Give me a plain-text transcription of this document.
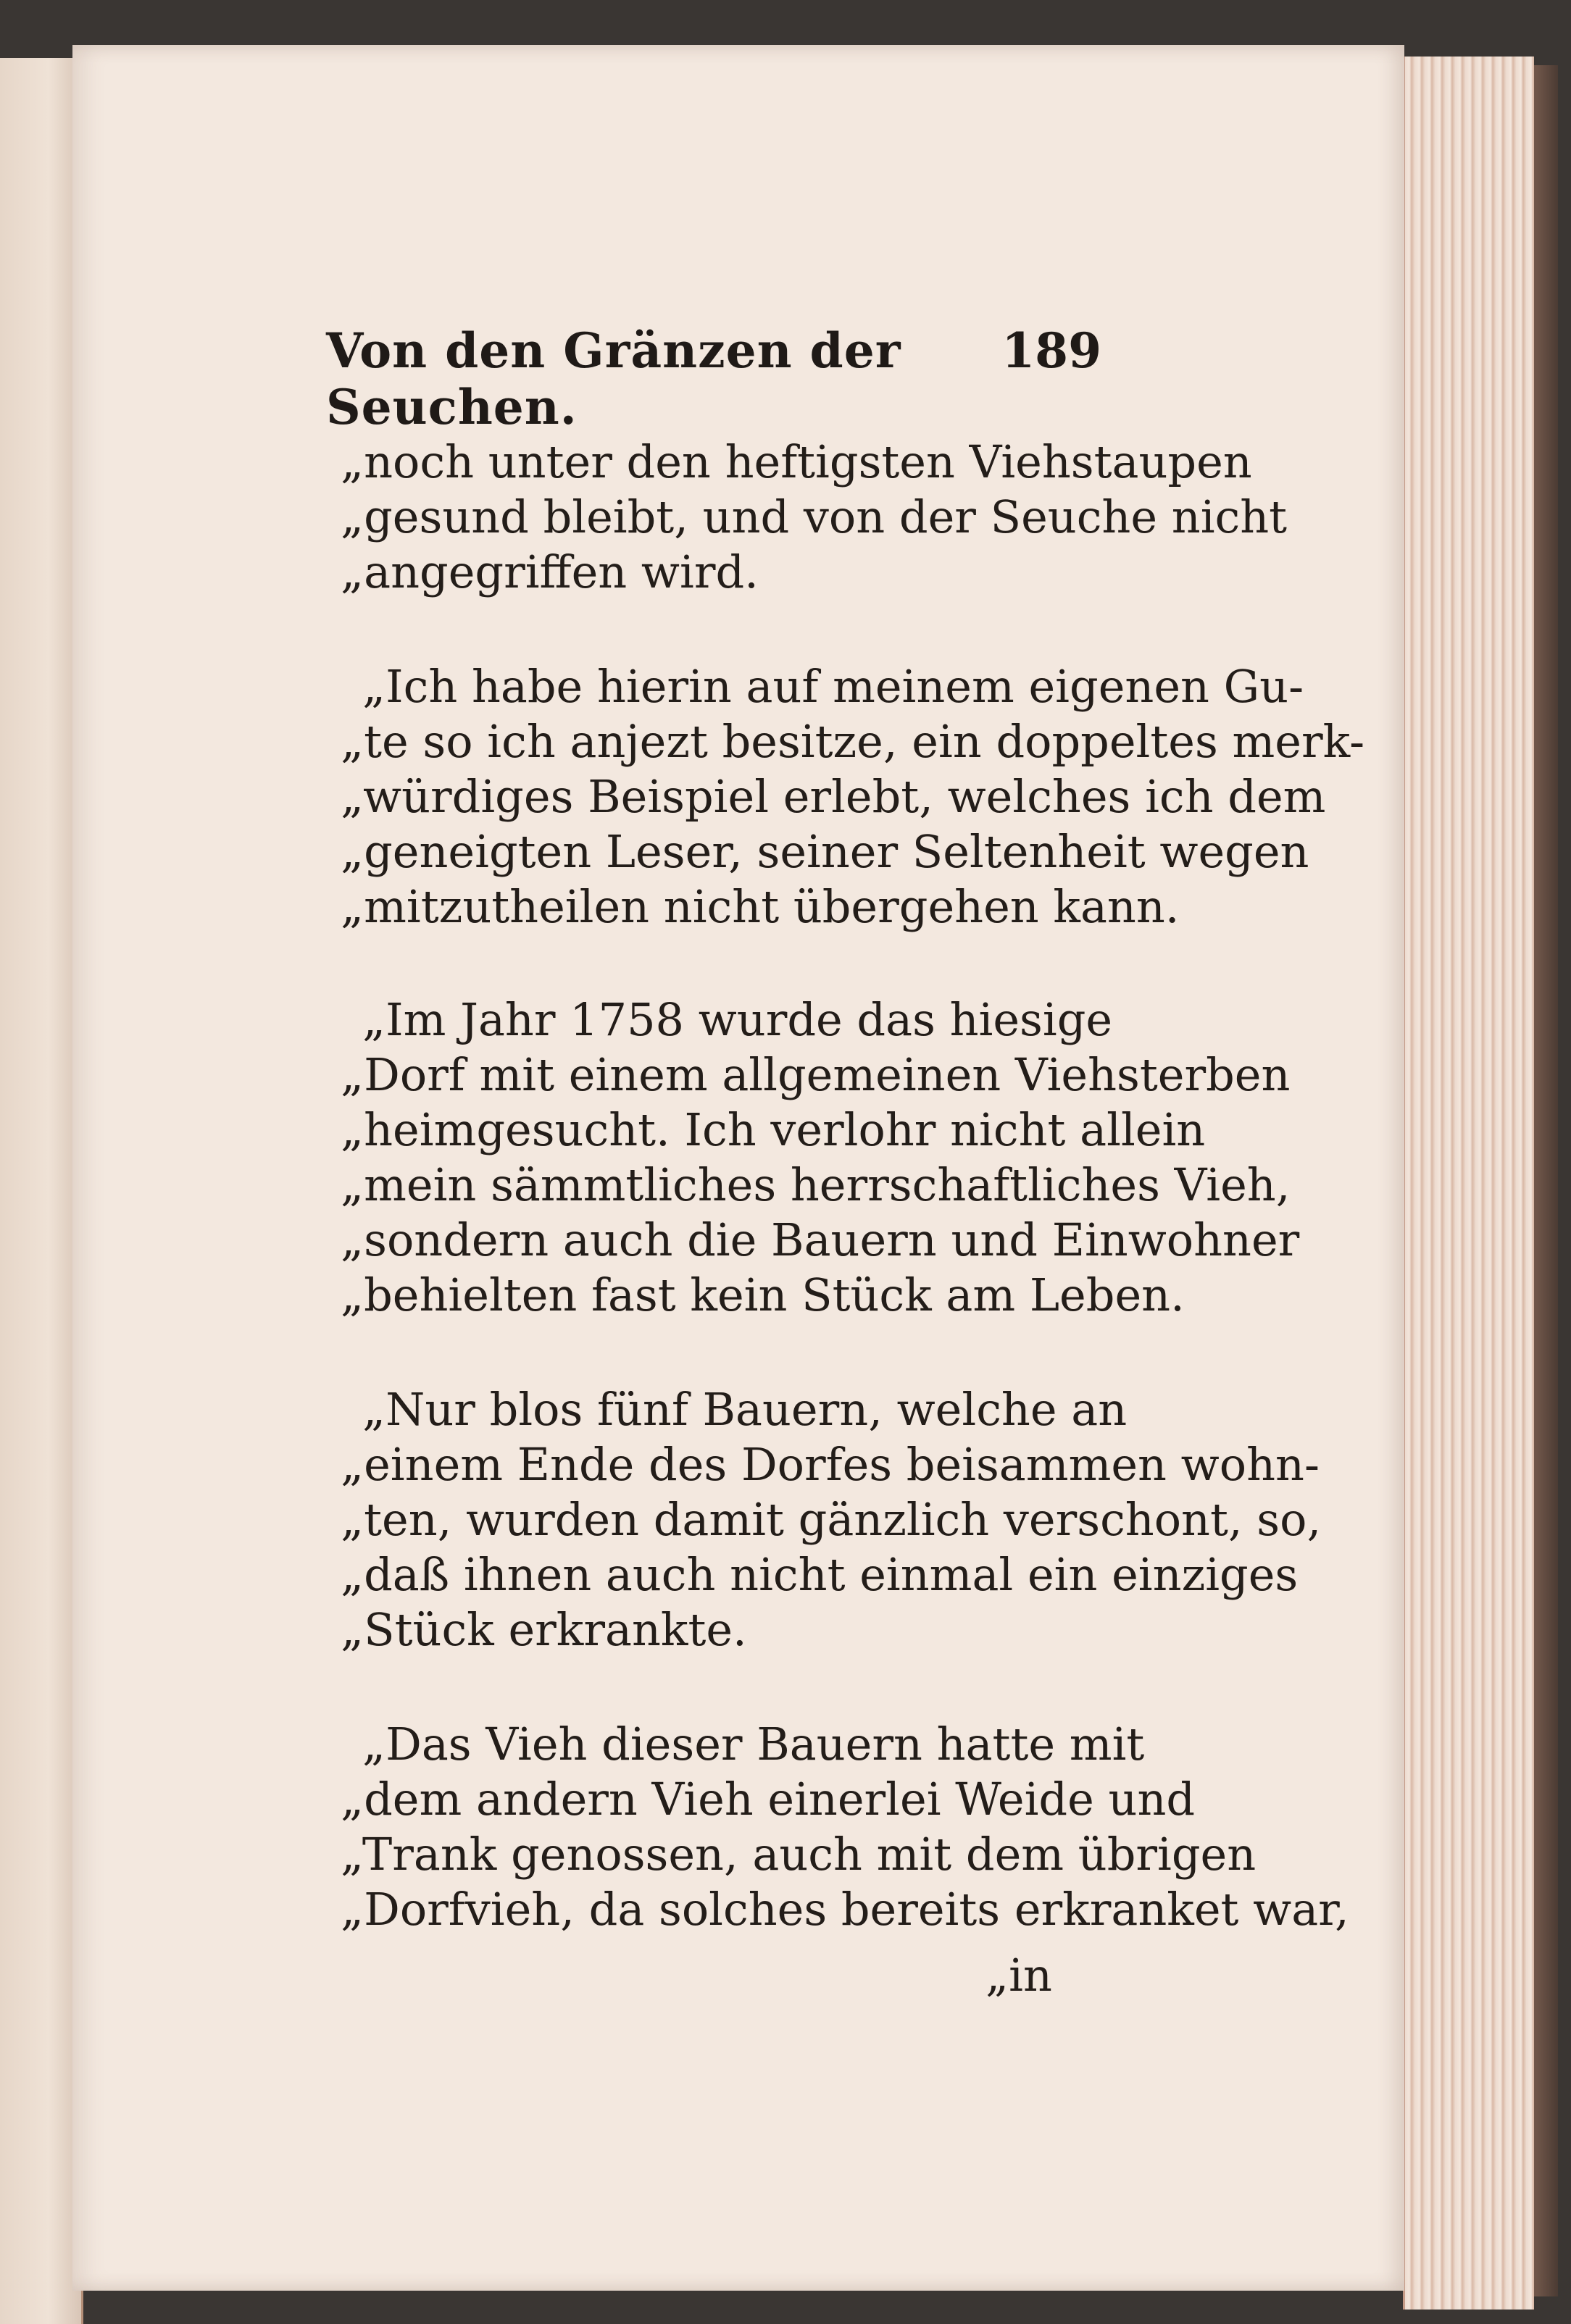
Von den Gränzen der Seuchen.
189
„noch unter den heftigsten Viehstaupen
„gesund bleibt, und von der Seuche nicht
„angegriffen wird.
„Ich habe hierin auf meinem eigenen Gu-
„te so ich anjezt besitze, ein doppeltes merk-
„würdiges Beispiel erlebt, welches ich dem
„geneigten Leser, seiner Seltenheit wegen
„mitzutheilen nicht übergehen kann.
„Im Jahr 1758 wurde das hiesige
„Dorf mit einem allgemeinen Viehsterben
„heimgesucht. Ich verlohr nicht allein
„mein sämmtliches herrschaftliches Vieh,
„sondern auch die Bauern und Einwohner
„behielten fast kein Stück am Leben.
„Nur blos fünf Bauern, welche an
„einem Ende des Dorfes beisammen wohn-
„ten, wurden damit gänzlich verschont, so,
„daß ihnen auch nicht einmal ein einziges
„Stück erkrankte.
„Das Vieh dieser Bauern hatte mit
„dem andern Vieh einerlei Weide und
„Trank genossen, auch mit dem übrigen
„Dorfvieh, da solches bereits erkranket war,
„in
